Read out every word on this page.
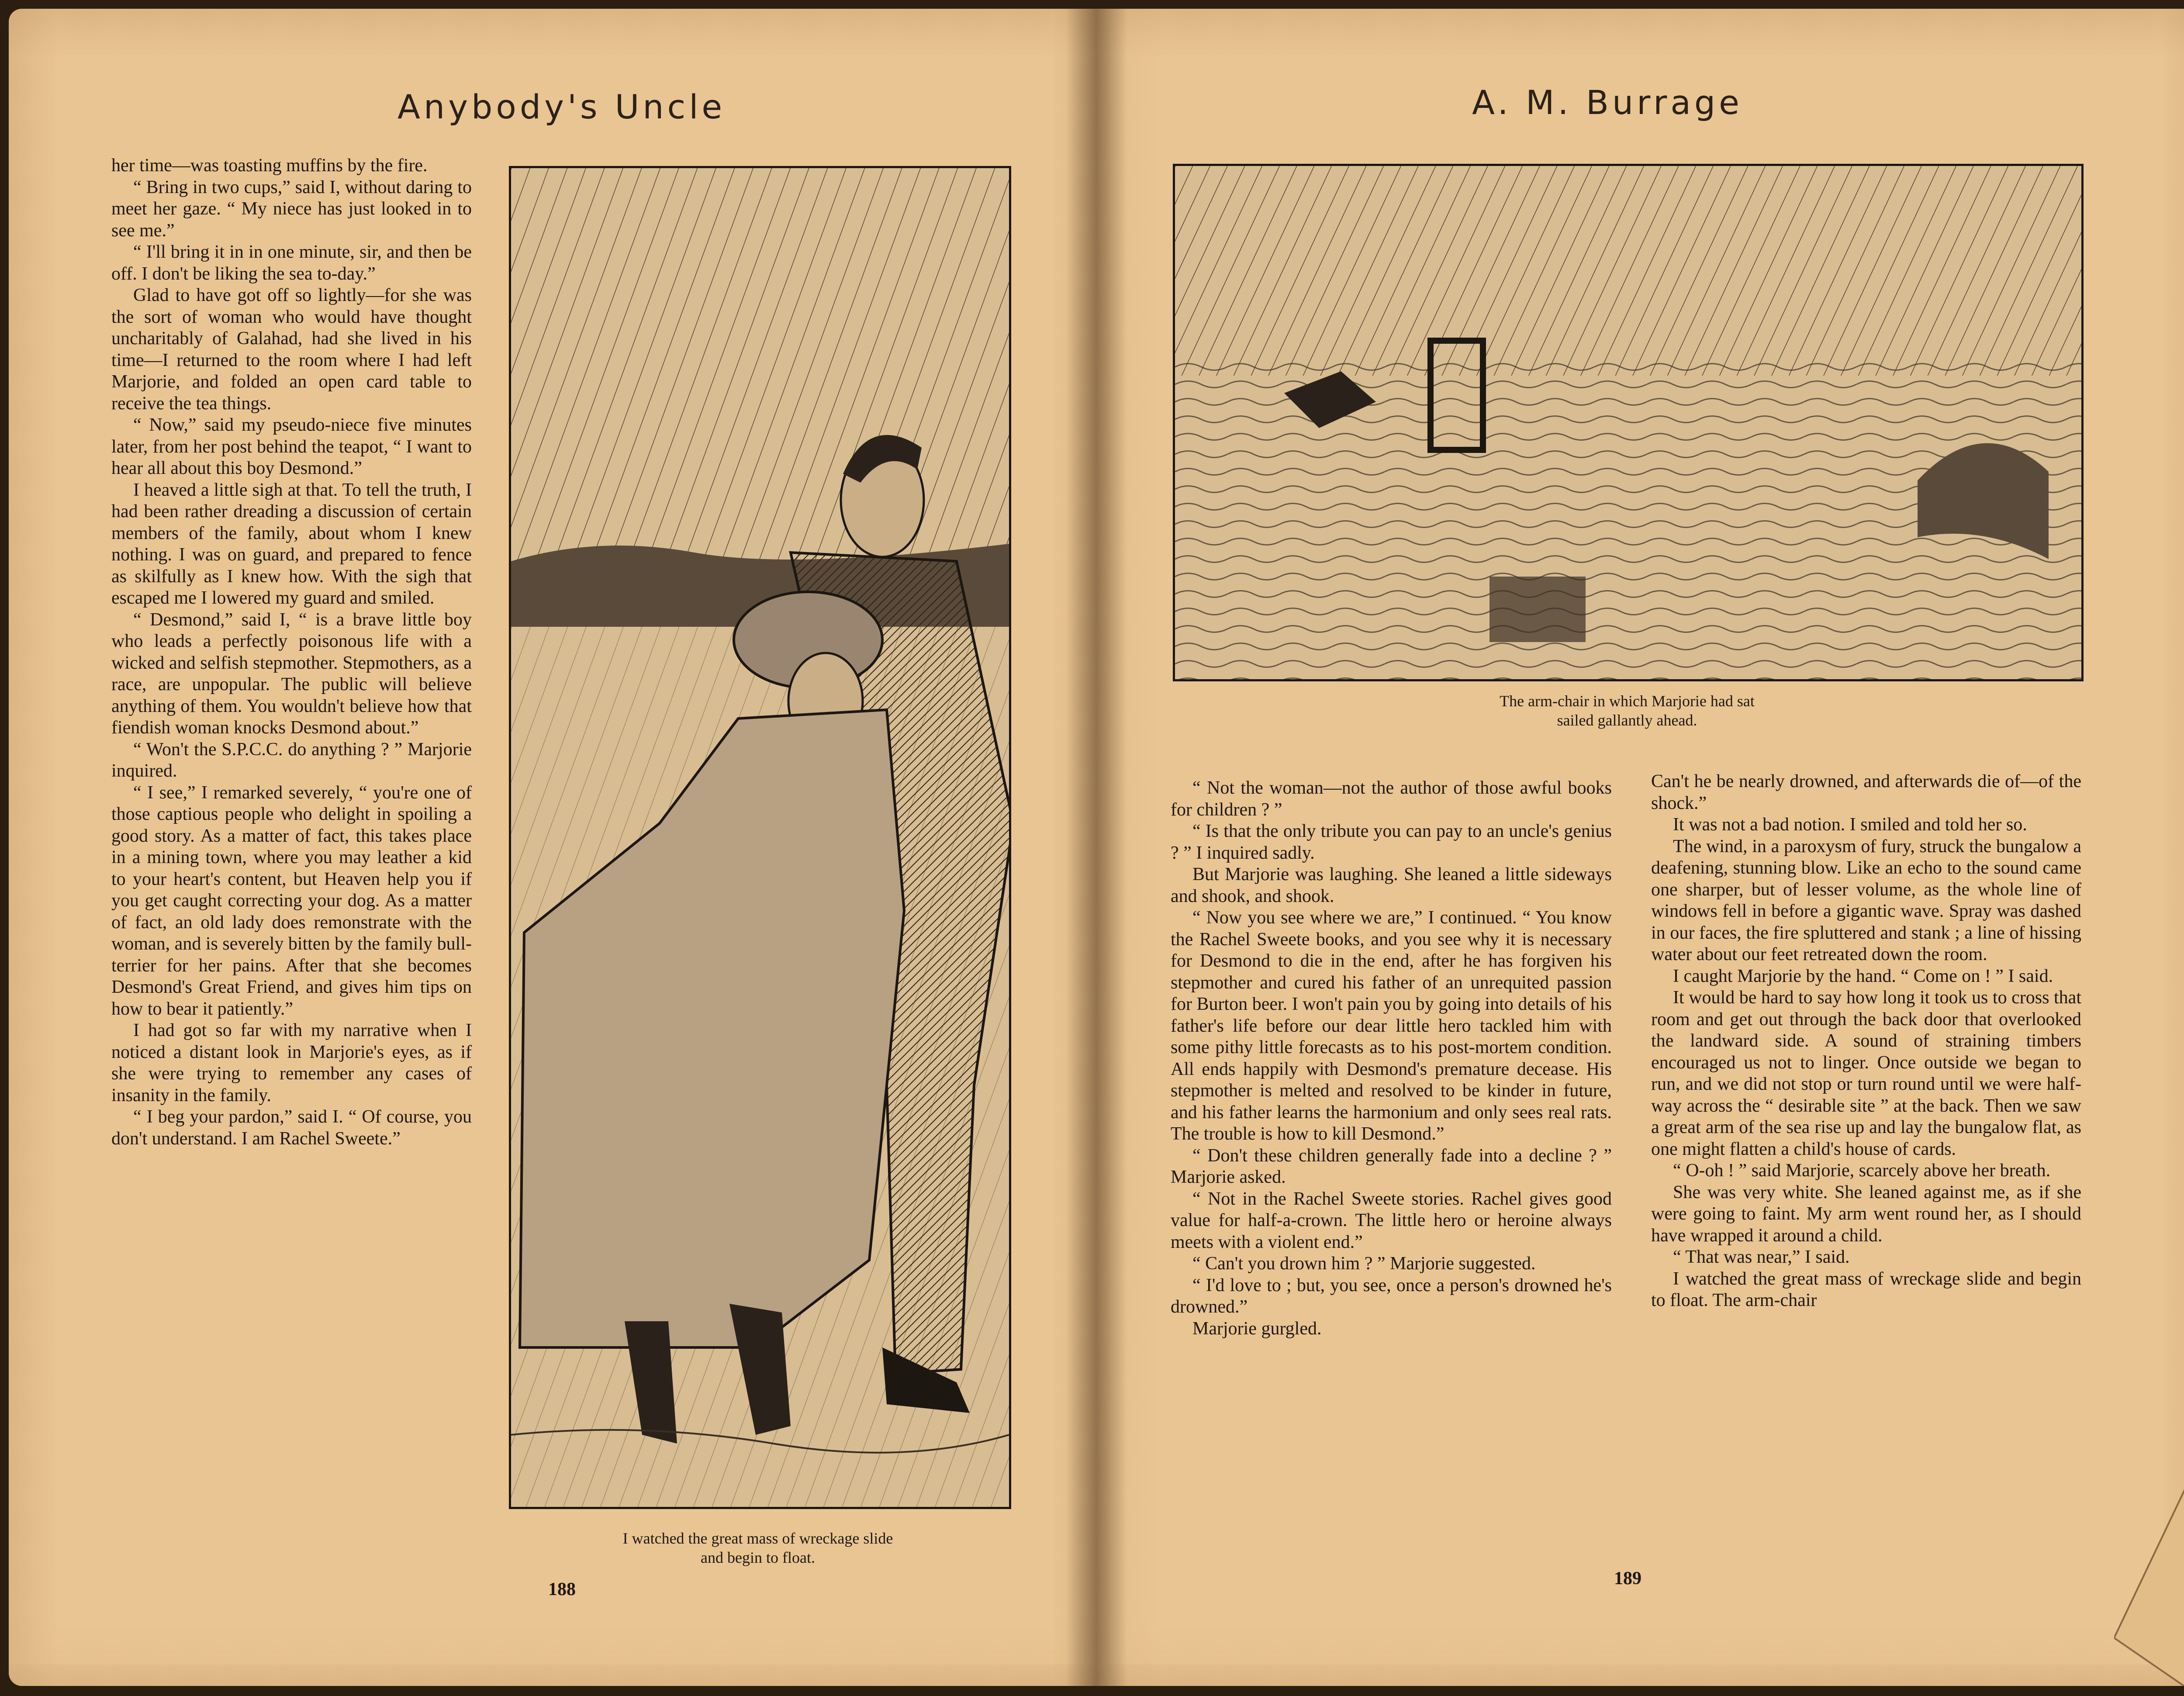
Anybody's Uncle

her time—was toasting muffins by the fire.

“ Bring in two cups,” said I, without daring to meet her gaze. “ My niece has just looked in to see me.”

“ I'll bring it in in one minute, sir, and then be off. I don't be liking the sea to-day.”

Glad to have got off so lightly—for she was the sort of woman who would have thought uncharitably of Galahad, had she lived in his time—I returned to the room where I had left Marjorie, and folded an open card table to receive the tea things.

“ Now,” said my pseudo-niece five minutes later, from her post behind the teapot, “ I want to hear all about this boy Desmond.”

I heaved a little sigh at that. To tell the truth, I had been rather dreading a discussion of certain members of the family, about whom I knew nothing. I was on guard, and prepared to fence as skilfully as I knew how. With the sigh that escaped me I lowered my guard and smiled.

“ Desmond,” said I, “ is a brave little boy who leads a perfectly poisonous life with a wicked and selfish stepmother. Stepmothers, as a race, are unpopular. The public will believe anything of them. You wouldn't believe how that fiendish woman knocks Desmond about.”

“ Won't the S.P.C.C. do anything ? ” Marjorie inquired.

“ I see,” I remarked severely, “ you're one of those captious people who delight in spoiling a good story. As a matter of fact, this takes place in a mining town, where you may leather a kid to your heart's content, but Heaven help you if you get caught correcting your dog. As a matter of fact, an old lady does remonstrate with the woman, and is severely bitten by the family bull-terrier for her pains. After that she becomes Desmond's Great Friend, and gives him tips on how to bear it patiently.”

I had got so far with my narrative when I noticed a distant look in Marjorie's eyes, as if she were trying to remember any cases of insanity in the family.

“ I beg your pardon,” said I. “ Of course, you don't understand. I am Rachel Sweete.”

I watched the great mass of wreckage slide
and begin to float.
188
A. M. Burrage
The arm-chair in which Marjorie had sat
sailed gallantly ahead.

“ Not the woman—not the author of those awful books for children ? ”

“ Is that the only tribute you can pay to an uncle's genius ? ” I inquired sadly.

But Marjorie was laughing. She leaned a little sideways and shook, and shook.

“ Now you see where we are,” I continued. “ You know the Rachel Sweete books, and you see why it is necessary for Desmond to die in the end, after he has forgiven his stepmother and cured his father of an unrequited passion for Burton beer. I won't pain you by going into details of his father's life before our dear little hero tackled him with some pithy little forecasts as to his post-mortem condition. All ends happily with Desmond's premature decease. His stepmother is melted and resolved to be kinder in future, and his father learns the harmonium and only sees real rats. The trouble is how to kill Desmond.”

“ Don't these children generally fade into a decline ? ” Marjorie asked.

“ Not in the Rachel Sweete stories. Rachel gives good value for half-a-crown. The little hero or heroine always meets with a violent end.”

“ Can't you drown him ? ” Marjorie suggested.

“ I'd love to ; but, you see, once a person's drowned he's drowned.”

Marjorie gurgled.

Can't he be nearly drowned, and afterwards die of—of the shock.”

It was not a bad notion. I smiled and told her so.

The wind, in a paroxysm of fury, struck the bungalow a deafening, stunning blow. Like an echo to the sound came one sharper, but of lesser volume, as the whole line of windows fell in before a gigantic wave. Spray was dashed in our faces, the fire spluttered and stank ; a line of hissing water about our feet retreated down the room.

I caught Marjorie by the hand. “ Come on ! ” I said.

It would be hard to say how long it took us to cross that room and get out through the back door that overlooked the landward side. A sound of straining timbers encouraged us not to linger. Once outside we began to run, and we did not stop or turn round until we were half-way across the “ desirable site ” at the back. Then we saw a great arm of the sea rise up and lay the bungalow flat, as one might flatten a child's house of cards.

“ O-oh ! ” said Marjorie, scarcely above her breath.

She was very white. She leaned against me, as if she were going to faint. My arm went round her, as I should have wrapped it around a child.

“ That was near,” I said.

I watched the great mass of wreckage slide and begin to float. The arm-chair

189
